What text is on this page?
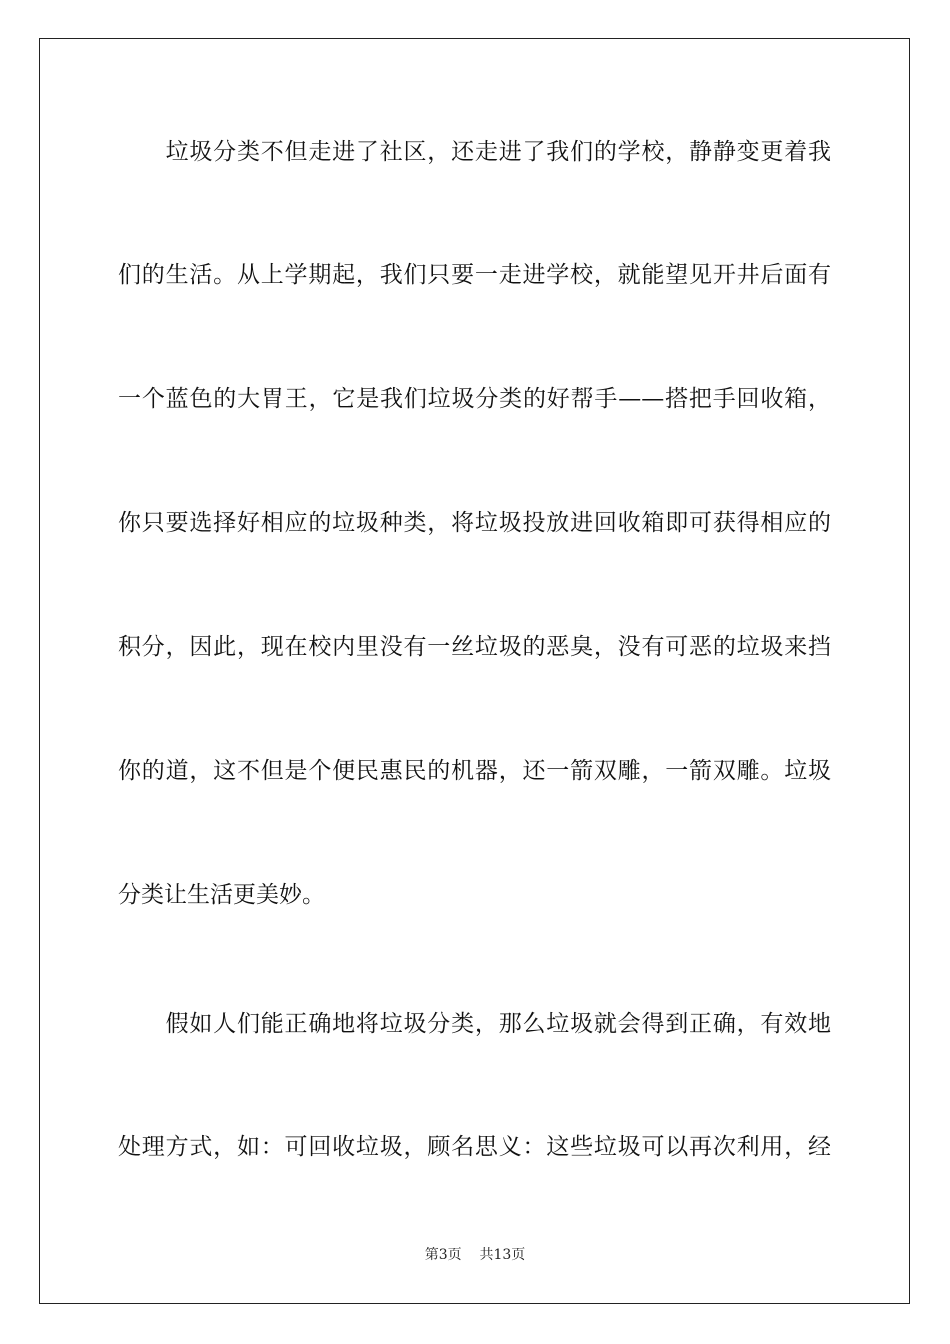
　　垃圾分类不但走进了社区，还走进了我们的学校，静静变更着我
们的生活。从上学期起，我们只要一走进学校，就能望见开井后面有
一个蓝色的大胃王，它是我们垃圾分类的好帮手——搭把手回收箱，
你只要选择好相应的垃圾种类，将垃圾投放进回收箱即可获得相应的
积分，因此，现在校内里没有一丝垃圾的恶臭，没有可恶的垃圾来挡
你的道，这不但是个便民惠民的机器，还一箭双雕，一箭双雕。垃圾
分类让生活更美妙。
　　假如人们能正确地将垃圾分类，那么垃圾就会得到正确，有效地
处理方式，如：可回收垃圾，顾名思义：这些垃圾可以再次利用，经
第3页 共13页
